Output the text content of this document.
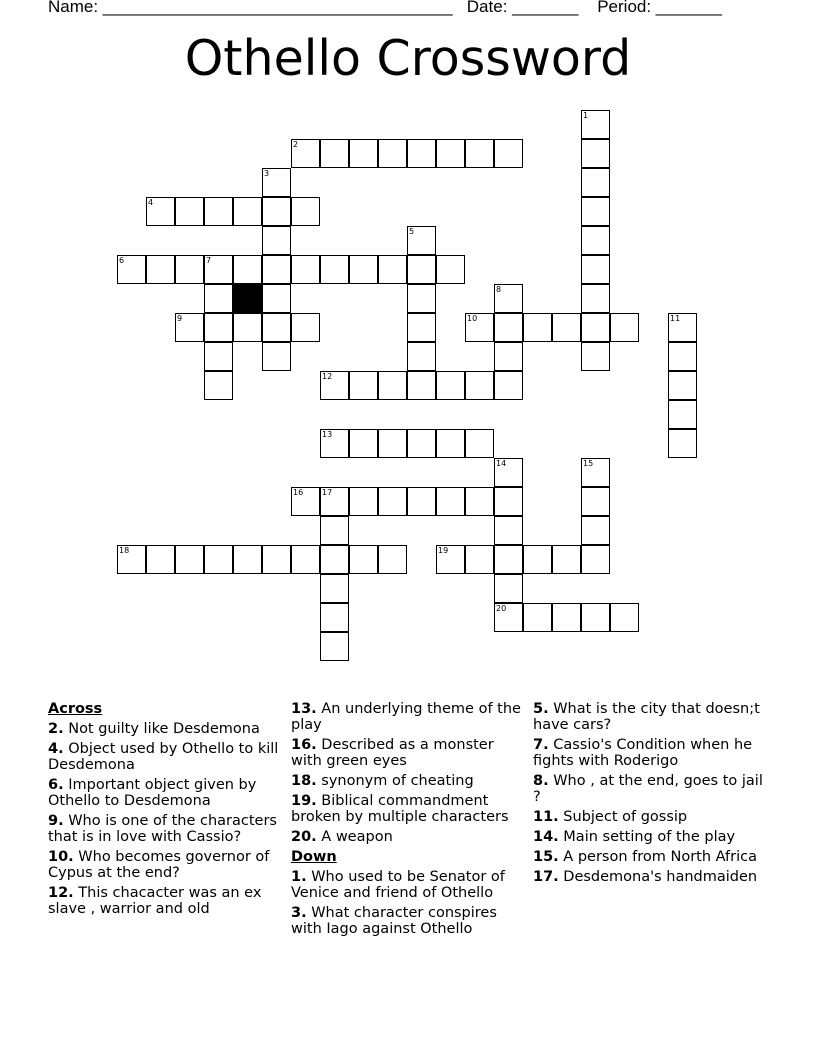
Name: _____________________________________   Date: _______    Period: _______
Othello Crossword
2
4
6	7
9	10
12
13
16 17
18	19
20
1
3
5
8
11
14	15
Across
2. Not guilty like Desdemona
4. Object used by Othello to kill Desdemona
6. Important object given by Othello to Desdemona
9. Who is one of the characters that is in love with Cassio?
10. Who becomes governor of Cypus at the end?
12. This chacacter was an ex slave , warrior and old
13. An underlying theme of the play
16. Described as a monster with green eyes
18. synonym of cheating
19. Biblical commandment broken by multiple characters
20. A weapon
Down
1. Who used to be Senator of Venice and friend of Othello
3. What character conspires with Iago against Othello
5. What is the city that doesn;t have cars?
7. Cassio's Condition when he fights with Roderigo
8. Who , at the end, goes to jail ?
11. Subject of gossip
14. Main setting of the play
15. A person from North Africa
17. Desdemona's handmaiden
